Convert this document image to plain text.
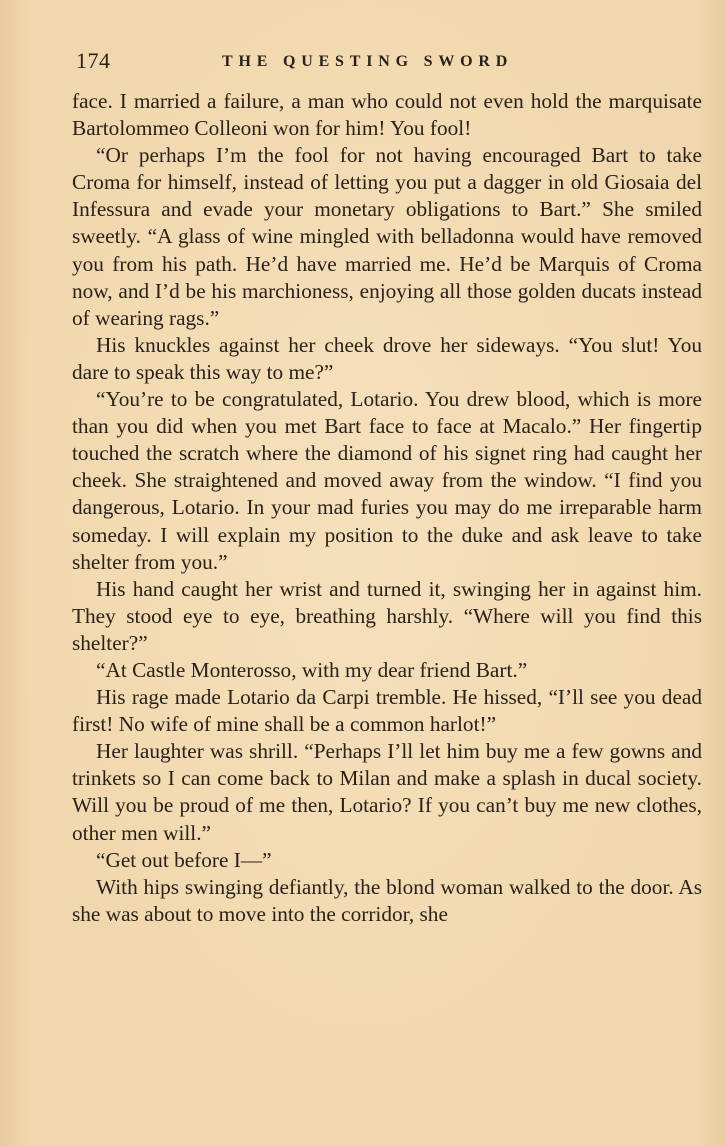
174	THE QUESTING SWORD

face. I married a failure, a man who could not even hold the marquisate Bartolommeo Colleoni won for him! You fool!

“Or perhaps I’m the fool for not having encouraged Bart to take Croma for himself, instead of letting you put a dagger in old Giosaia del Infessura and evade your monetary obligations to Bart.” She smiled sweetly. “A glass of wine mingled with belladonna would have removed you from his path. He’d have married me. He’d be Marquis of Croma now, and I’d be his marchioness, enjoying all those golden ducats instead of wearing rags.”

His knuckles against her cheek drove her sideways. “You slut! You dare to speak this way to me?”

“You’re to be congratulated, Lotario. You drew blood, which is more than you did when you met Bart face to face at Macalo.” Her fingertip touched the scratch where the diamond of his signet ring had caught her cheek. She straightened and moved away from the window. “I find you dangerous, Lotario. In your mad furies you may do me irreparable harm someday. I will explain my position to the duke and ask leave to take shelter from you.”

His hand caught her wrist and turned it, swinging her in against him. They stood eye to eye, breathing harshly. “Where will you find this shelter?”

“At Castle Monterosso, with my dear friend Bart.”

His rage made Lotario da Carpi tremble. He hissed, “I’ll see you dead first! No wife of mine shall be a common harlot!”

Her laughter was shrill. “Perhaps I’ll let him buy me a few gowns and trinkets so I can come back to Milan and make a splash in ducal society. Will you be proud of me then, Lotario? If you can’t buy me new clothes, other men will.”

“Get out before I—”

With hips swinging defiantly, the blond woman walked to the door. As she was about to move into the corridor, she
